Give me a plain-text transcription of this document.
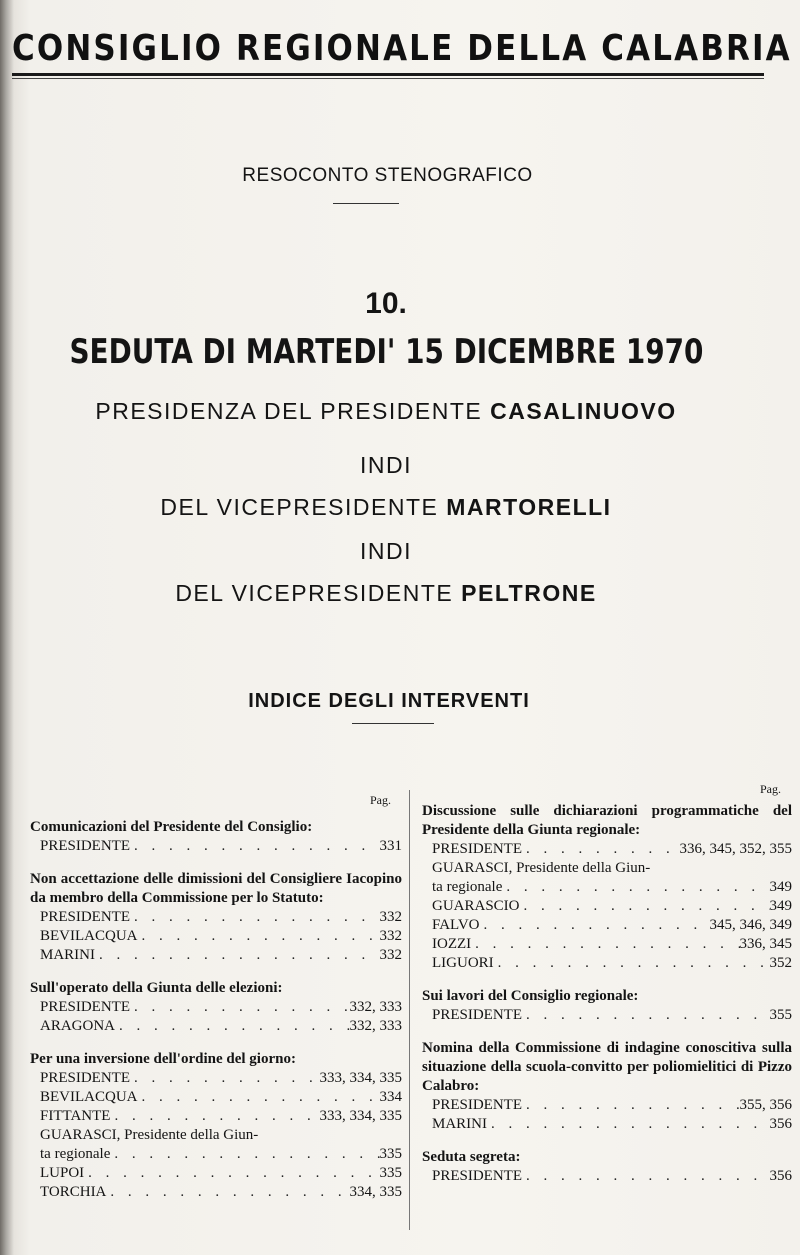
CONSIGLIO REGIONALE DELLA CALABRIA
RESOCONTO STENOGRAFICO
10.
SEDUTA DI MARTEDI' 15 DICEMBRE 1970
PRESIDENZA DEL PRESIDENTE CASALINUOVO
INDI
DEL VICEPRESIDENTE MARTORELLI
INDI
DEL VICEPRESIDENTE PELTRONE
INDICE DEGLI INTERVENTI
Pag.
Pag.
Comunicazioni del Presidente del Consiglio:
PRESIDENTE . . .	331
Non accettazione delle dimissioni del Consigliere Iacopino da membro della Commissione per lo Statuto:
PRESIDENTE . . .	332
BEVILACQUA . . .	332
MARINI . . .	332
Sull'operato della Giunta delle elezioni:
PRESIDENTE . . .	332, 333
ARAGONA . . .	332, 333
Per una inversione dell'ordine del giorno:
PRESIDENTE . . .	333, 334, 335
BEVILACQUA . . .	334
FITTANTE . . .	333, 334, 335
GUARASCI, Presidente della Giun-
ta regionale . . .	335
LUPOI . . .	335
TORCHIA . . .	334, 335
Discussione sulle dichiarazioni programmatiche del Presidente della Giunta regionale:
PRESIDENTE . . .	336, 345, 352, 355
GUARASCI, Presidente della Giun-
ta regionale . . .	349
GUARASCIO . . .	349
FALVO . . .	345, 346, 349
IOZZI . . .	336, 345
LIGUORI . . .	352
Sui lavori del Consiglio regionale:
PRESIDENTE . . .	355
Nomina della Commissione di indagine conoscitiva sulla situazione della scuola-convitto per poliomielitici di Pizzo Calabro:
PRESIDENTE . . .	355, 356
MARINI . . .	356
Seduta segreta:
PRESIDENTE . . .	356
